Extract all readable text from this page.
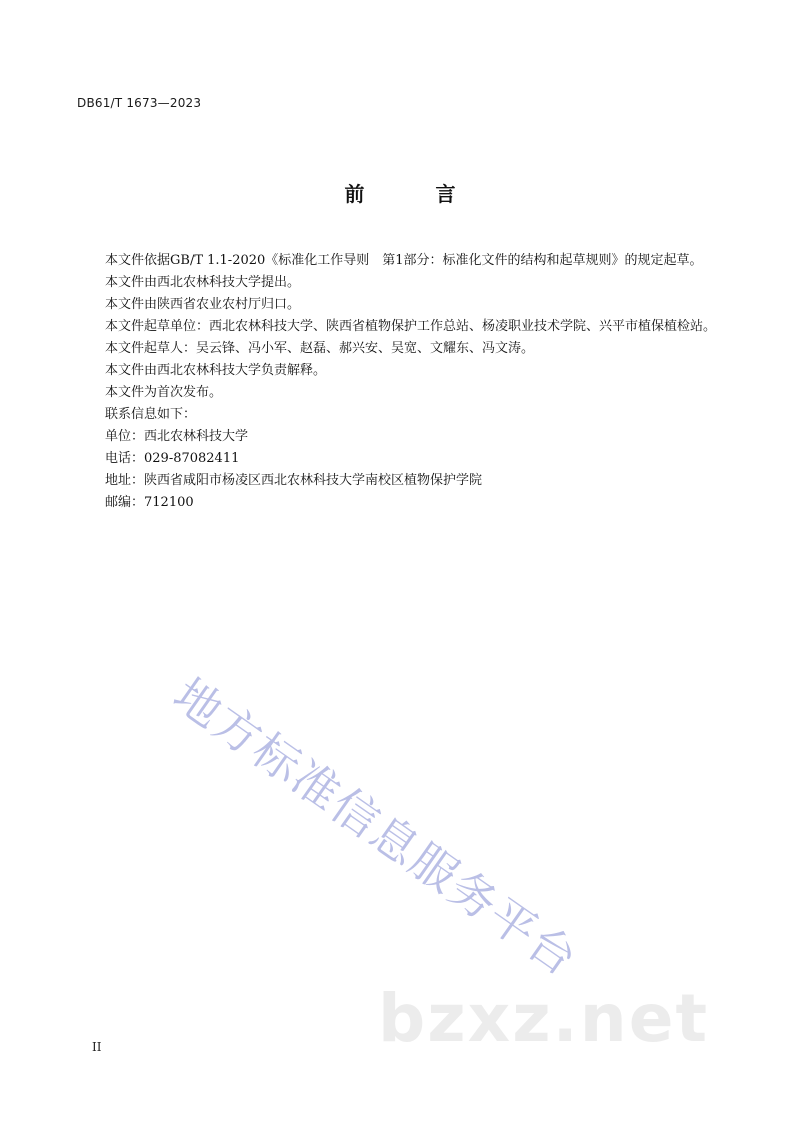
DB61/T 1673—2023
前 言

本文件依据GB/T 1.1-2020《标准化工作导则　第1部分：标准化文件的结构和起草规则》的规定起草。

本文件由西北农林科技大学提出。

本文件由陕西省农业农村厅归口。

本文件起草单位：西北农林科技大学、陕西省植物保护工作总站、杨凌职业技术学院、兴平市植保植检站。

本文件起草人：吴云锋、冯小军、赵磊、郝兴安、吴宽、文耀东、冯文涛。

本文件由西北农林科技大学负责解释。

本文件为首次发布。

联系信息如下：

单位：西北农林科技大学

电话：029-87082411

地址：陕西省咸阳市杨凌区西北农林科技大学南校区植物保护学院

邮编：712100

地方标准信息服务平台
bzxz.net
II
